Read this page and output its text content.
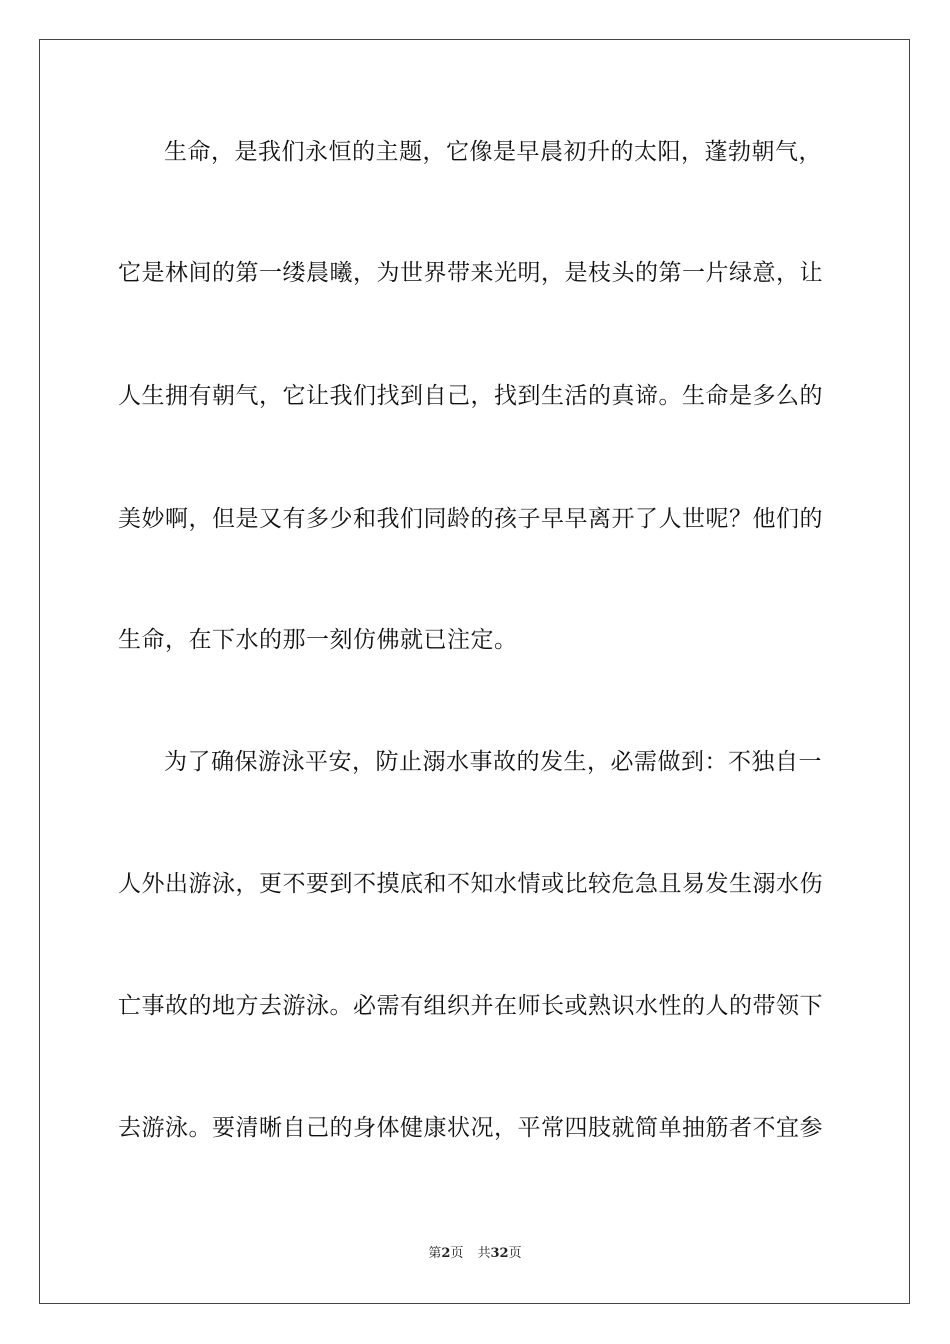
生命，是我们永恒的主题，它像是早晨初升的太阳，蓬勃朝气，
它是林间的第一缕晨曦，为世界带来光明，是枝头的第一片绿意，让
人生拥有朝气，它让我们找到自己，找到生活的真谛。生命是多么的
美妙啊，但是又有多少和我们同龄的孩子早早离开了人世呢？他们的
生命，在下水的那一刻仿佛就已注定。
为了确保游泳平安，防止溺水事故的发生，必需做到：不独自一
人外出游泳，更不要到不摸底和不知水情或比较危急且易发生溺水伤
亡事故的地方去游泳。必需有组织并在师长或熟识水性的人的带领下
去游泳。要清晰自己的身体健康状况，平常四肢就简单抽筋者不宜参
第2页 共32页
